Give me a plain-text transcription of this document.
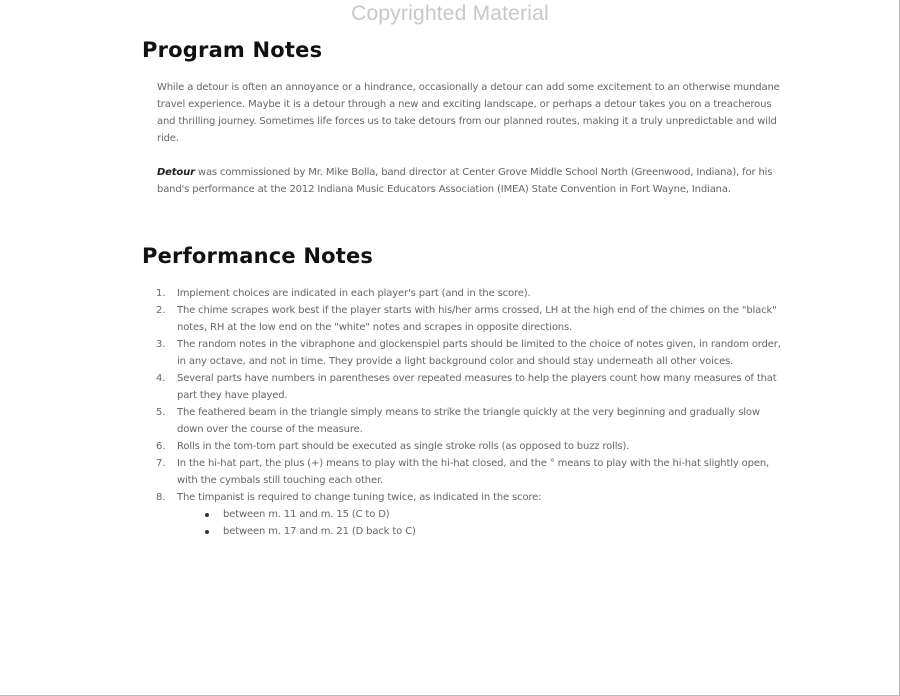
Copyrighted Material
Program Notes

While a detour is often an annoyance or a hindrance, occasionally a detour can add some excitement to an otherwise mundane travel experience. Maybe it is a detour through a new and exciting landscape, or perhaps a detour takes you on a treacherous and thrilling journey. Sometimes life forces us to take detours from our planned routes, making it a truly unpredictable and wild ride.

Detour was commissioned by Mr. Mike Bolla, band director at Center Grove Middle School North (Greenwood, Indiana), for his band's performance at the 2012 Indiana Music Educators Association (IMEA) State Convention in Fort Wayne, Indiana.

Performance Notes
1. Implement choices are indicated in each player's part (and in the score).
2. The chime scrapes work best if the player starts with his/her arms crossed, LH at the high end of the chimes on the "black" notes, RH at the low end on the "white" notes and scrapes in opposite directions.
3. The random notes in the vibraphone and glockenspiel parts should be limited to the choice of notes given, in random order, in any octave, and not in time. They provide a light background color and should stay underneath all other voices.
4. Several parts have numbers in parentheses over repeated measures to help the players count how many measures of that part they have played.
5. The feathered beam in the triangle simply means to strike the triangle quickly at the very beginning and gradually slow down over the course of the measure.
6. Rolls in the tom-tom part should be executed as single stroke rolls (as opposed to buzz rolls).
7. In the hi-hat part, the plus (+) means to play with the hi-hat closed, and the ° means to play with the hi-hat slightly open, with the cymbals still touching each other.
8. The timpanist is required to change tuning twice, as indicated in the score:
between m. 11 and m. 15 (C to D)
between m. 17 and m. 21 (D back to C)
